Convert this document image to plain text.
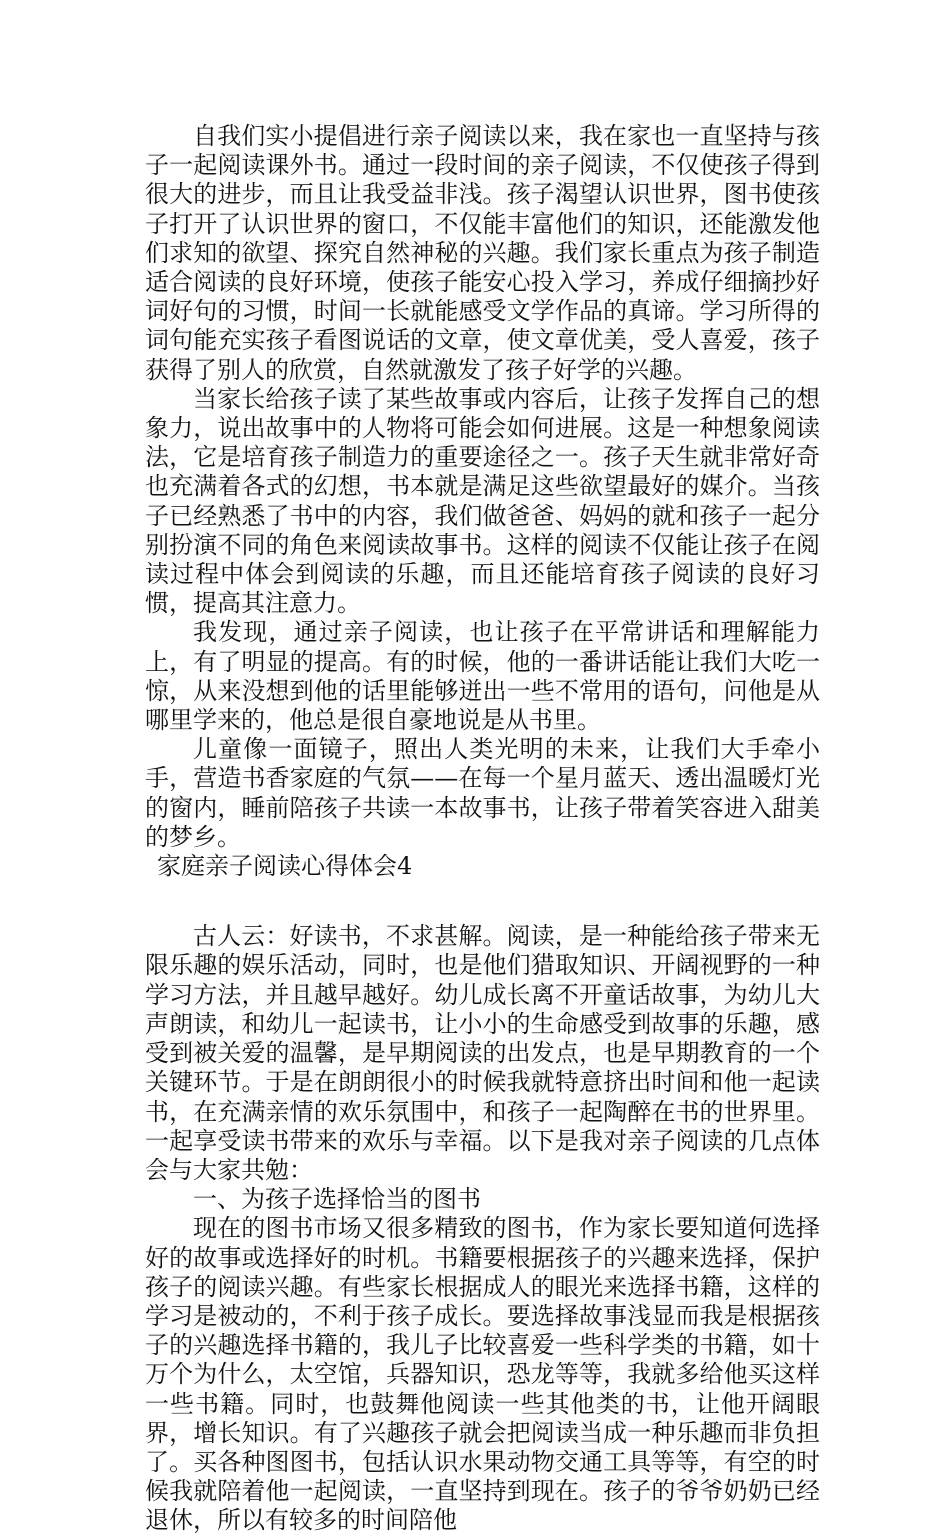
自我们实小提倡进行亲子阅读以来，我在家也一直坚持与孩子一起阅读课外书。通过一段时间的亲子阅读，不仅使孩子得到很大的进步，而且让我受益非浅。孩子渴望认识世界，图书使孩子打开了认识世界的窗口，不仅能丰富他们的知识，还能激发他们求知的欲望、探究自然神秘的兴趣。我们家长重点为孩子制造适合阅读的良好环境，使孩子能安心投入学习，养成仔细摘抄好词好句的习惯，时间一长就能感受文学作品的真谛。学习所得的词句能充实孩子看图说话的文章，使文章优美，受人喜爱，孩子获得了别人的欣赏，自然就激发了孩子好学的兴趣。

当家长给孩子读了某些故事或内容后，让孩子发挥自己的想象力，说出故事中的人物将可能会如何进展。这是一种想象阅读法，它是培育孩子制造力的重要途径之一。孩子天生就非常好奇也充满着各式的幻想，书本就是满足这些欲望最好的媒介。当孩子已经熟悉了书中的内容，我们做爸爸、妈妈的就和孩子一起分别扮演不同的角色来阅读故事书。这样的阅读不仅能让孩子在阅读过程中体会到阅读的乐趣，而且还能培育孩子阅读的良好习惯，提高其注意力。

我发现，通过亲子阅读，也让孩子在平常讲话和理解能力上，有了明显的提高。有的时候，他的一番讲话能让我们大吃一惊，从来没想到他的话里能够迸出一些不常用的语句，问他是从哪里学来的，他总是很自豪地说是从书里。

儿童像一面镜子，照出人类光明的未来，让我们大手牵小手，营造书香家庭的气氛——在每一个星月蓝天、透出温暖灯光的窗内，睡前陪孩子共读一本故事书，让孩子带着笑容进入甜美的梦乡。

家庭亲子阅读心得体会4

古人云：好读书，不求甚解。阅读，是一种能给孩子带来无限乐趣的娱乐活动，同时，也是他们猎取知识、开阔视野的一种学习方法，并且越早越好。幼儿成长离不开童话故事，为幼儿大声朗读，和幼儿一起读书，让小小的生命感受到故事的乐趣，感受到被关爱的温馨，是早期阅读的出发点，也是早期教育的一个关键环节。于是在朗朗很小的时候我就特意挤出时间和他一起读书，在充满亲情的欢乐氛围中，和孩子一起陶醉在书的世界里。一起享受读书带来的欢乐与幸福。以下是我对亲子阅读的几点体会与大家共勉：

一、为孩子选择恰当的图书

现在的图书市场又很多精致的图书，作为家长要知道何选择好的故事或选择好的时机。书籍要根据孩子的兴趣来选择，保护孩子的阅读兴趣。有些家长根据成人的眼光来选择书籍，这样的学习是被动的，不利于孩子成长。要选择故事浅显而我是根据孩子的兴趣选择书籍的，我儿子比较喜爱一些科学类的书籍，如十万个为什么，太空馆，兵器知识，恐龙等等，我就多给他买这样一些书籍。同时，也鼓舞他阅读一些其他类的书，让他开阔眼界，增长知识。有了兴趣孩子就会把阅读当成一种乐趣而非负担了。买各种图图书，包括认识水果动物交通工具等等，有空的时候我就陪着他一起阅读，一直坚持到现在。孩子的爷爷奶奶已经退休，所以有较多的时间陪他
